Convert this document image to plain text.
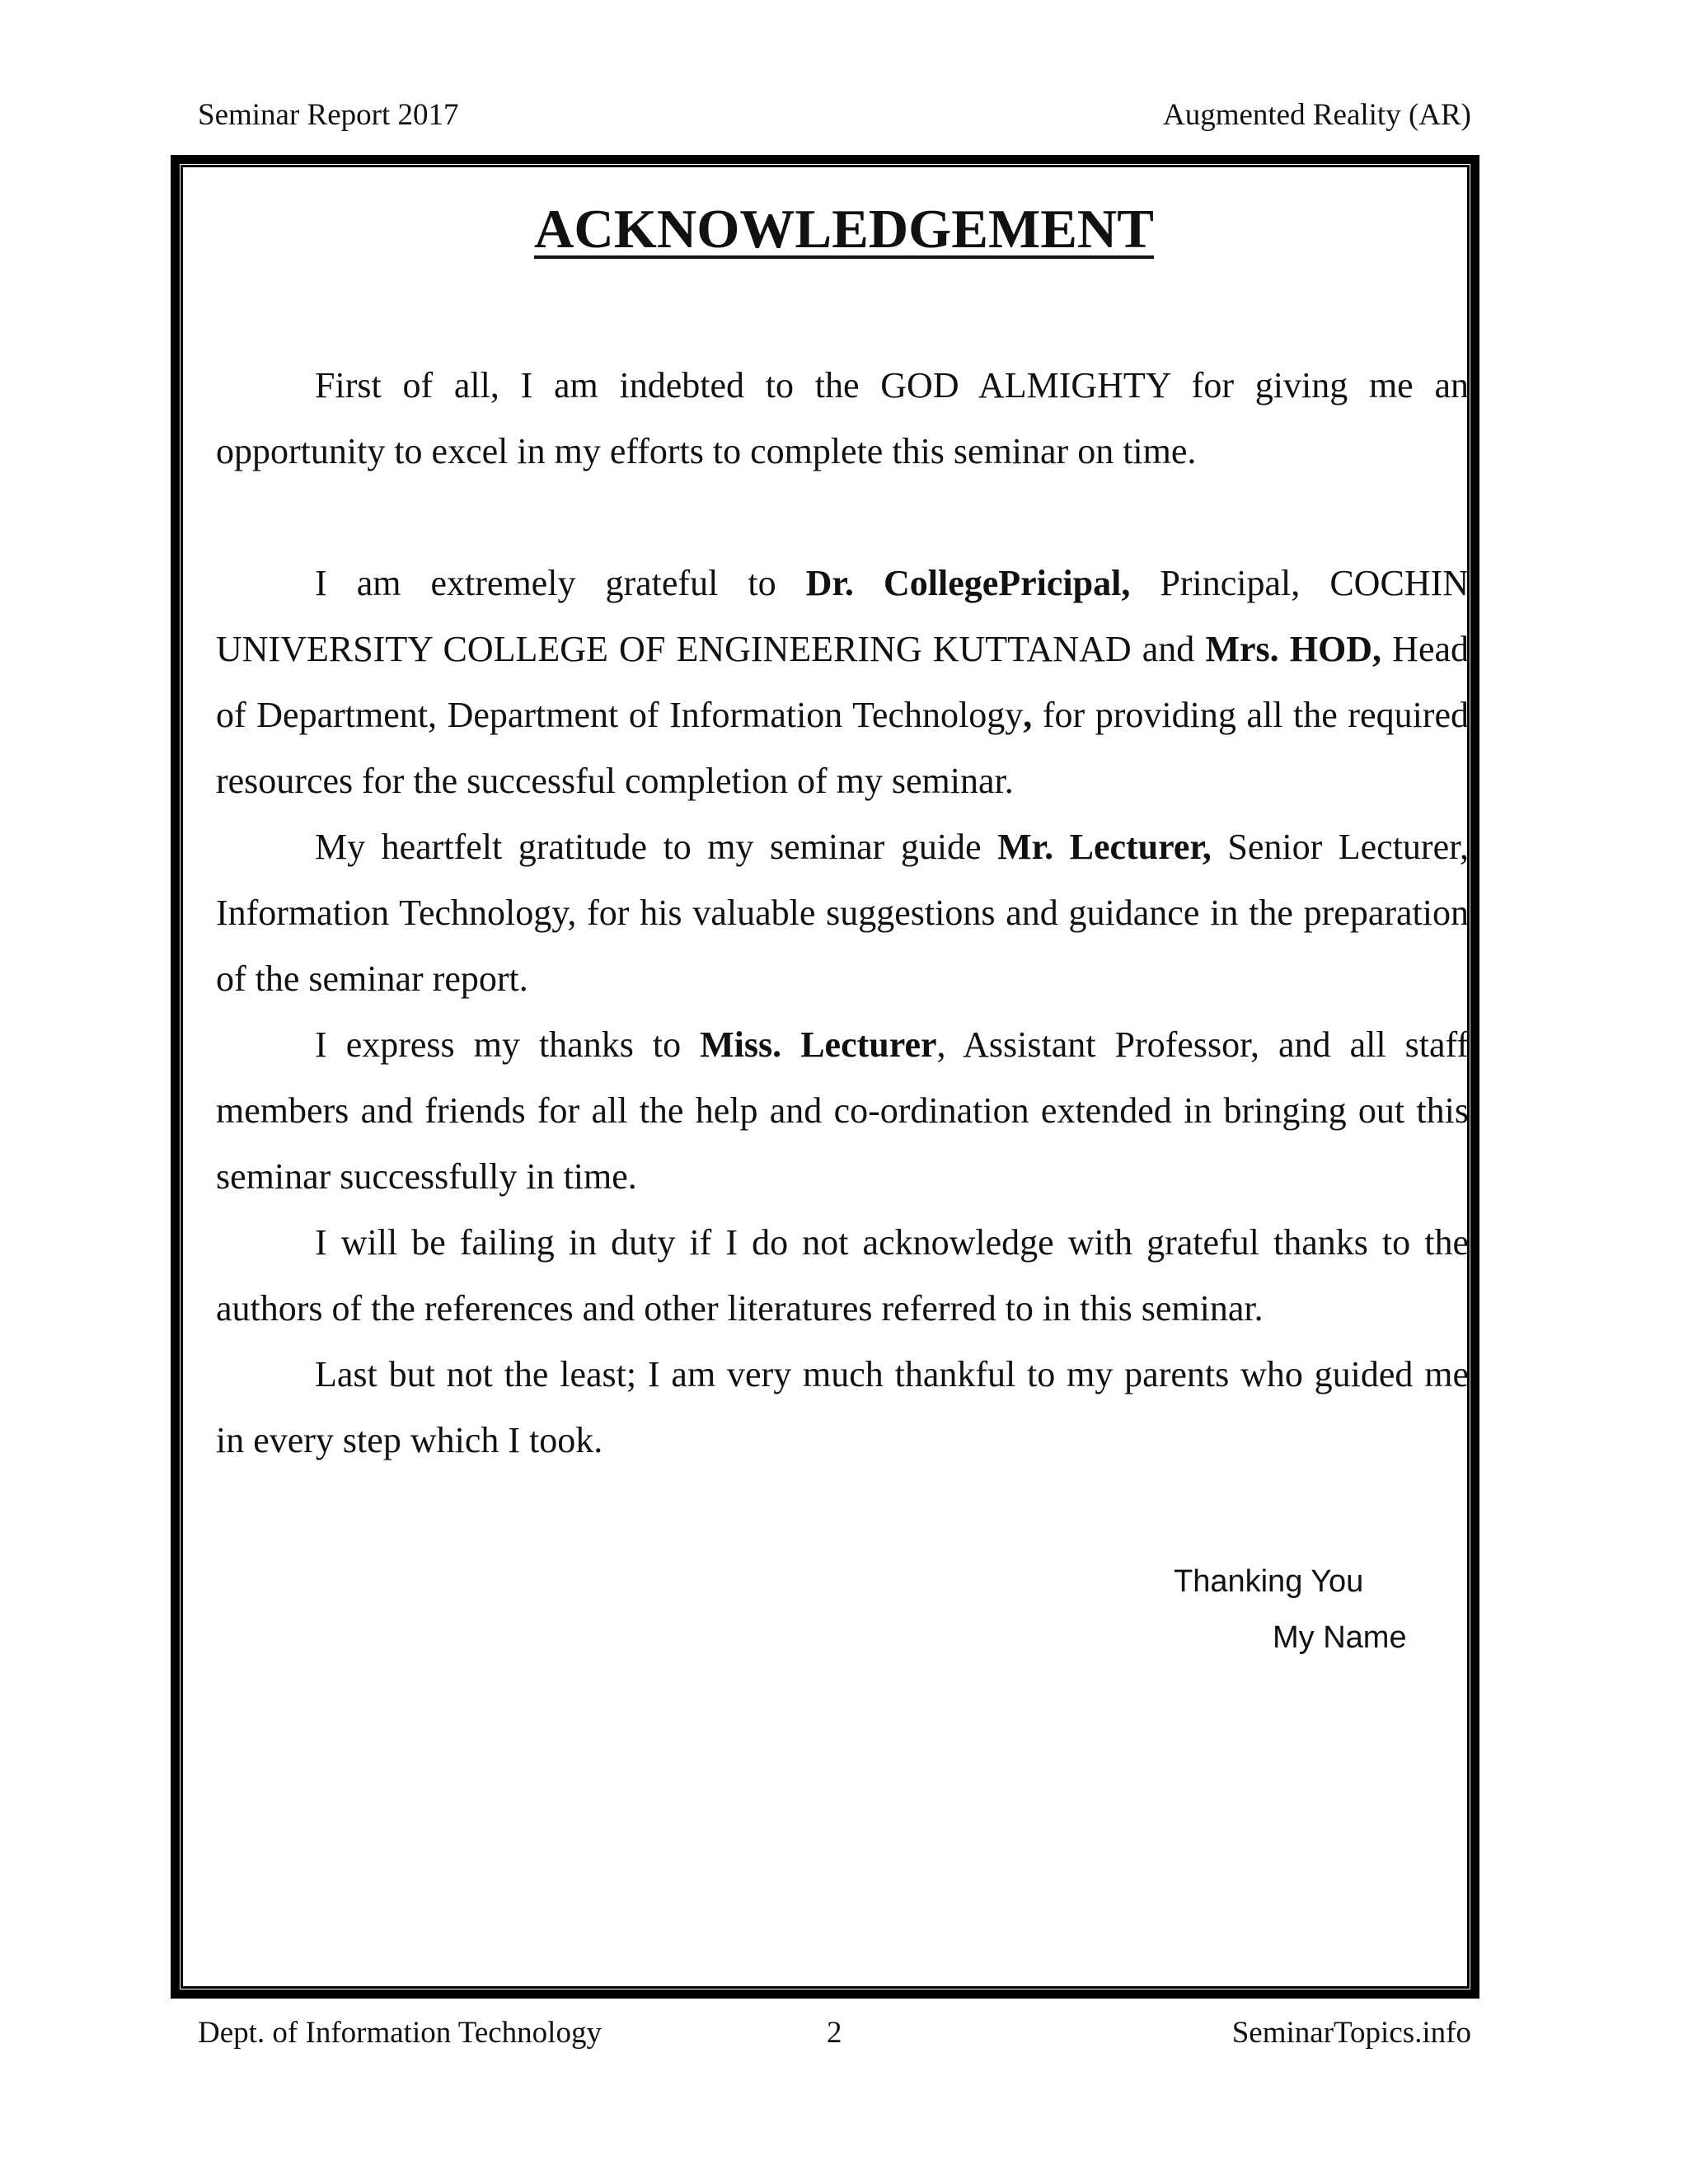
Seminar Report 2017	Augmented Reality (AR)
ACKNOWLEDGEMENT

First of all, I am indebted to the GOD ALMIGHTY for giving me an opportunity to excel in my efforts to complete this seminar on time.

I am extremely grateful to Dr. CollegePricipal, Principal, COCHIN UNIVERSITY COLLEGE OF ENGINEERING KUTTANAD and Mrs. HOD, Head of Department, Department of Information Technology, for providing all the required resources for the successful completion of my seminar.

My heartfelt gratitude to my seminar guide Mr. Lecturer, Senior Lecturer, Information Technology, for his valuable suggestions and guidance in the preparation of the seminar report.

I express my thanks to Miss. Lecturer, Assistant Professor, and all staff members and friends for all the help and co-ordination extended in bringing out this seminar successfully in time.

I will be failing in duty if I do not acknowledge with grateful thanks to the authors of the references and other literatures referred to in this seminar.

Last but not the least; I am very much thankful to my parents who guided me in every step which I took.

Thanking You
My Name
Dept. of Information Technology	2	SeminarTopics.info
